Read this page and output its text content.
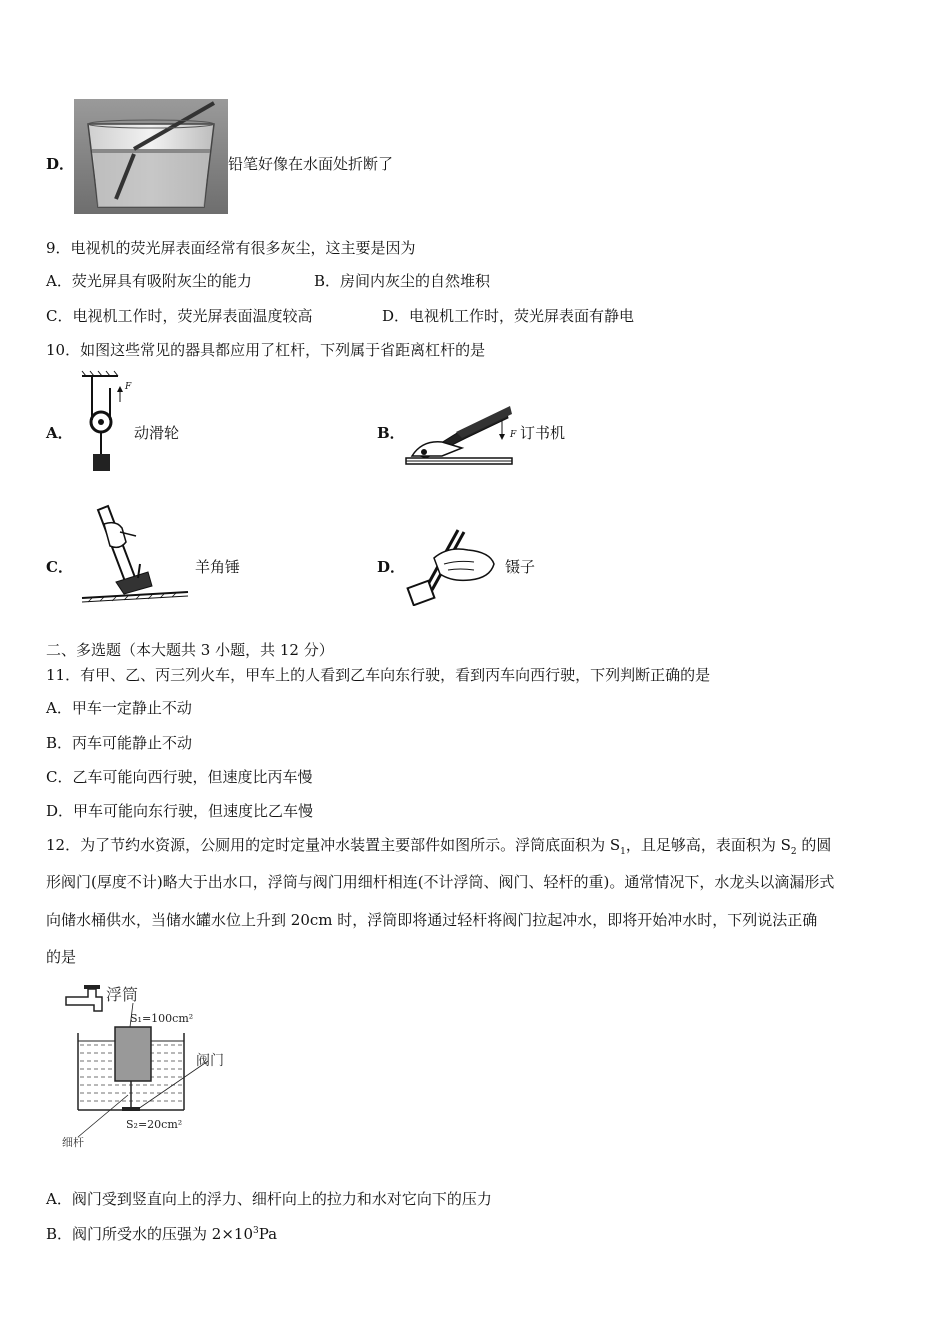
D．	铅笔好像在水面处折断了
9．电视机的荧光屏表面经常有很多灰尘，这主要是因为
A．荧光屏具有吸附灰尘的能力	B．房间内灰尘的自然堆积
C．电视机工作时，荧光屏表面温度较高	D．电视机工作时，荧光屏表面有静电
10．如图这些常见的器具都应用了杠杆，下列属于省距离杠杆的是
A．
F
动滑轮	B．	F 订书机
C．	羊角锤	D．	镊子
二、多选题（本大题共 3 小题，共 12 分）
11．有甲、乙、丙三列火车，甲车上的人看到乙车向东行驶，看到丙车向西行驶，下列判断正确的是
A．甲车一定静止不动
B．丙车可能静止不动
C．乙车可能向西行驶，但速度比丙车慢
D．甲车可能向东行驶，但速度比乙车慢
12．为了节约水资源，公厕用的定时定量冲水装置主要部件如图所示。浮筒底面积为 $S_1$，且足够高，表面积为 $S_2$ 的圆
形阀门(厚度不计)略大于出水口，浮筒与阀门用细杆相连(不计浮筒、阀门、轻杆的重)。通常情况下，水龙头以滴漏形式
向储水桶供水，当储水罐水位上升到 20cm 时，浮筒即将通过轻杆将阀门拉起冲水，即将开始冲水时，下列说法正确
的是
浮筒
S₁=100cm²
阀门
S₂=20cm²
细杆
A．阀门受到竖直向上的浮力、细杆向上的拉力和水对它向下的压力
B．阀门所受水的压强为 $2\times 10^3Pa$
